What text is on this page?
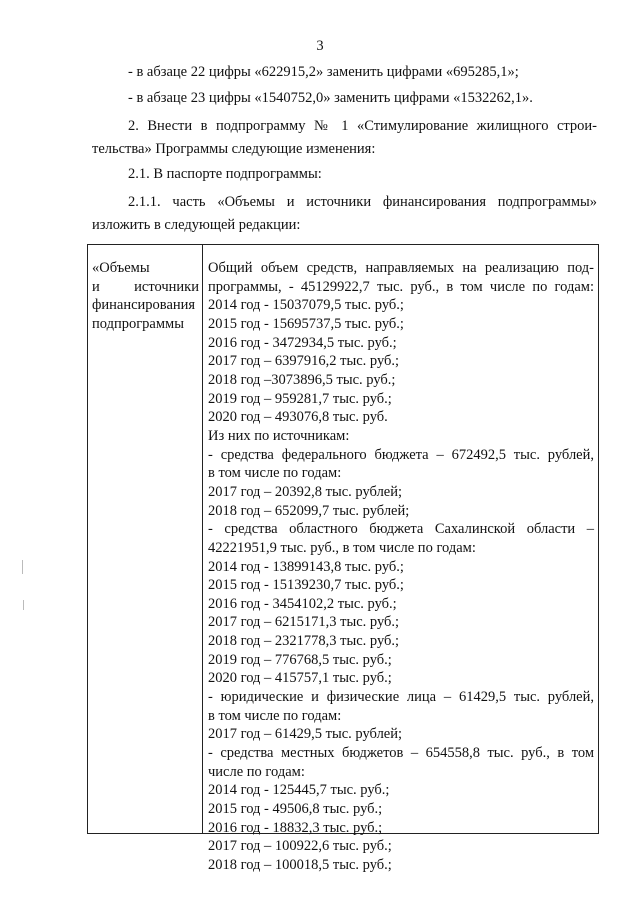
3
- в абзаце 22 цифры «622915,2» заменить цифрами «695285,1»;
- в абзаце 23 цифры «1540752,0» заменить цифрами «1532262,1».
2. Внести в подпрограмму № 1 «Стимулирование жилищного строи-
тельства» Программы следующие изменения:
2.1. В паспорте подпрограммы:
2.1.1. часть «Объемы и источники финансирования подпрограммы»
изложить в следующей редакции:
«Объемы
и источники
финансирования
подпрограммы
Общий объем средств, направляемых на реализацию под-
программы, - 45129922,7 тыс. руб., в том числе по годам:
2014 год - 15037079,5 тыс. руб.;
2015 год - 15695737,5 тыс. руб.;
2016 год - 3472934,5 тыс. руб.;
2017 год – 6397916,2 тыс. руб.;
2018 год –3073896,5 тыс. руб.;
2019 год – 959281,7 тыс. руб.;
2020 год – 493076,8 тыс. руб.
Из них по источникам:
- средства федерального бюджета – 672492,5 тыс. рублей,
в том числе по годам:
2017 год – 20392,8 тыс. рублей;
2018 год – 652099,7 тыс. рублей;
- средства областного бюджета Сахалинской области –
42221951,9 тыс. руб., в том числе по годам:
2014 год - 13899143,8 тыс. руб.;
2015 год - 15139230,7 тыс. руб.;
2016 год - 3454102,2 тыс. руб.;
2017 год – 6215171,3 тыс. руб.;
2018 год – 2321778,3 тыс. руб.;
2019 год – 776768,5 тыс. руб.;
2020 год – 415757,1 тыс. руб.;
- юридические и физические лица – 61429,5 тыс. рублей,
в том числе по годам:
2017 год – 61429,5 тыс. рублей;
- средства местных бюджетов – 654558,8 тыс. руб., в том
числе по годам:
2014 год - 125445,7 тыс. руб.;
2015 год - 49506,8 тыс. руб.;
2016 год - 18832,3 тыс. руб.;
2017 год – 100922,6 тыс. руб.;
2018 год – 100018,5 тыс. руб.;
